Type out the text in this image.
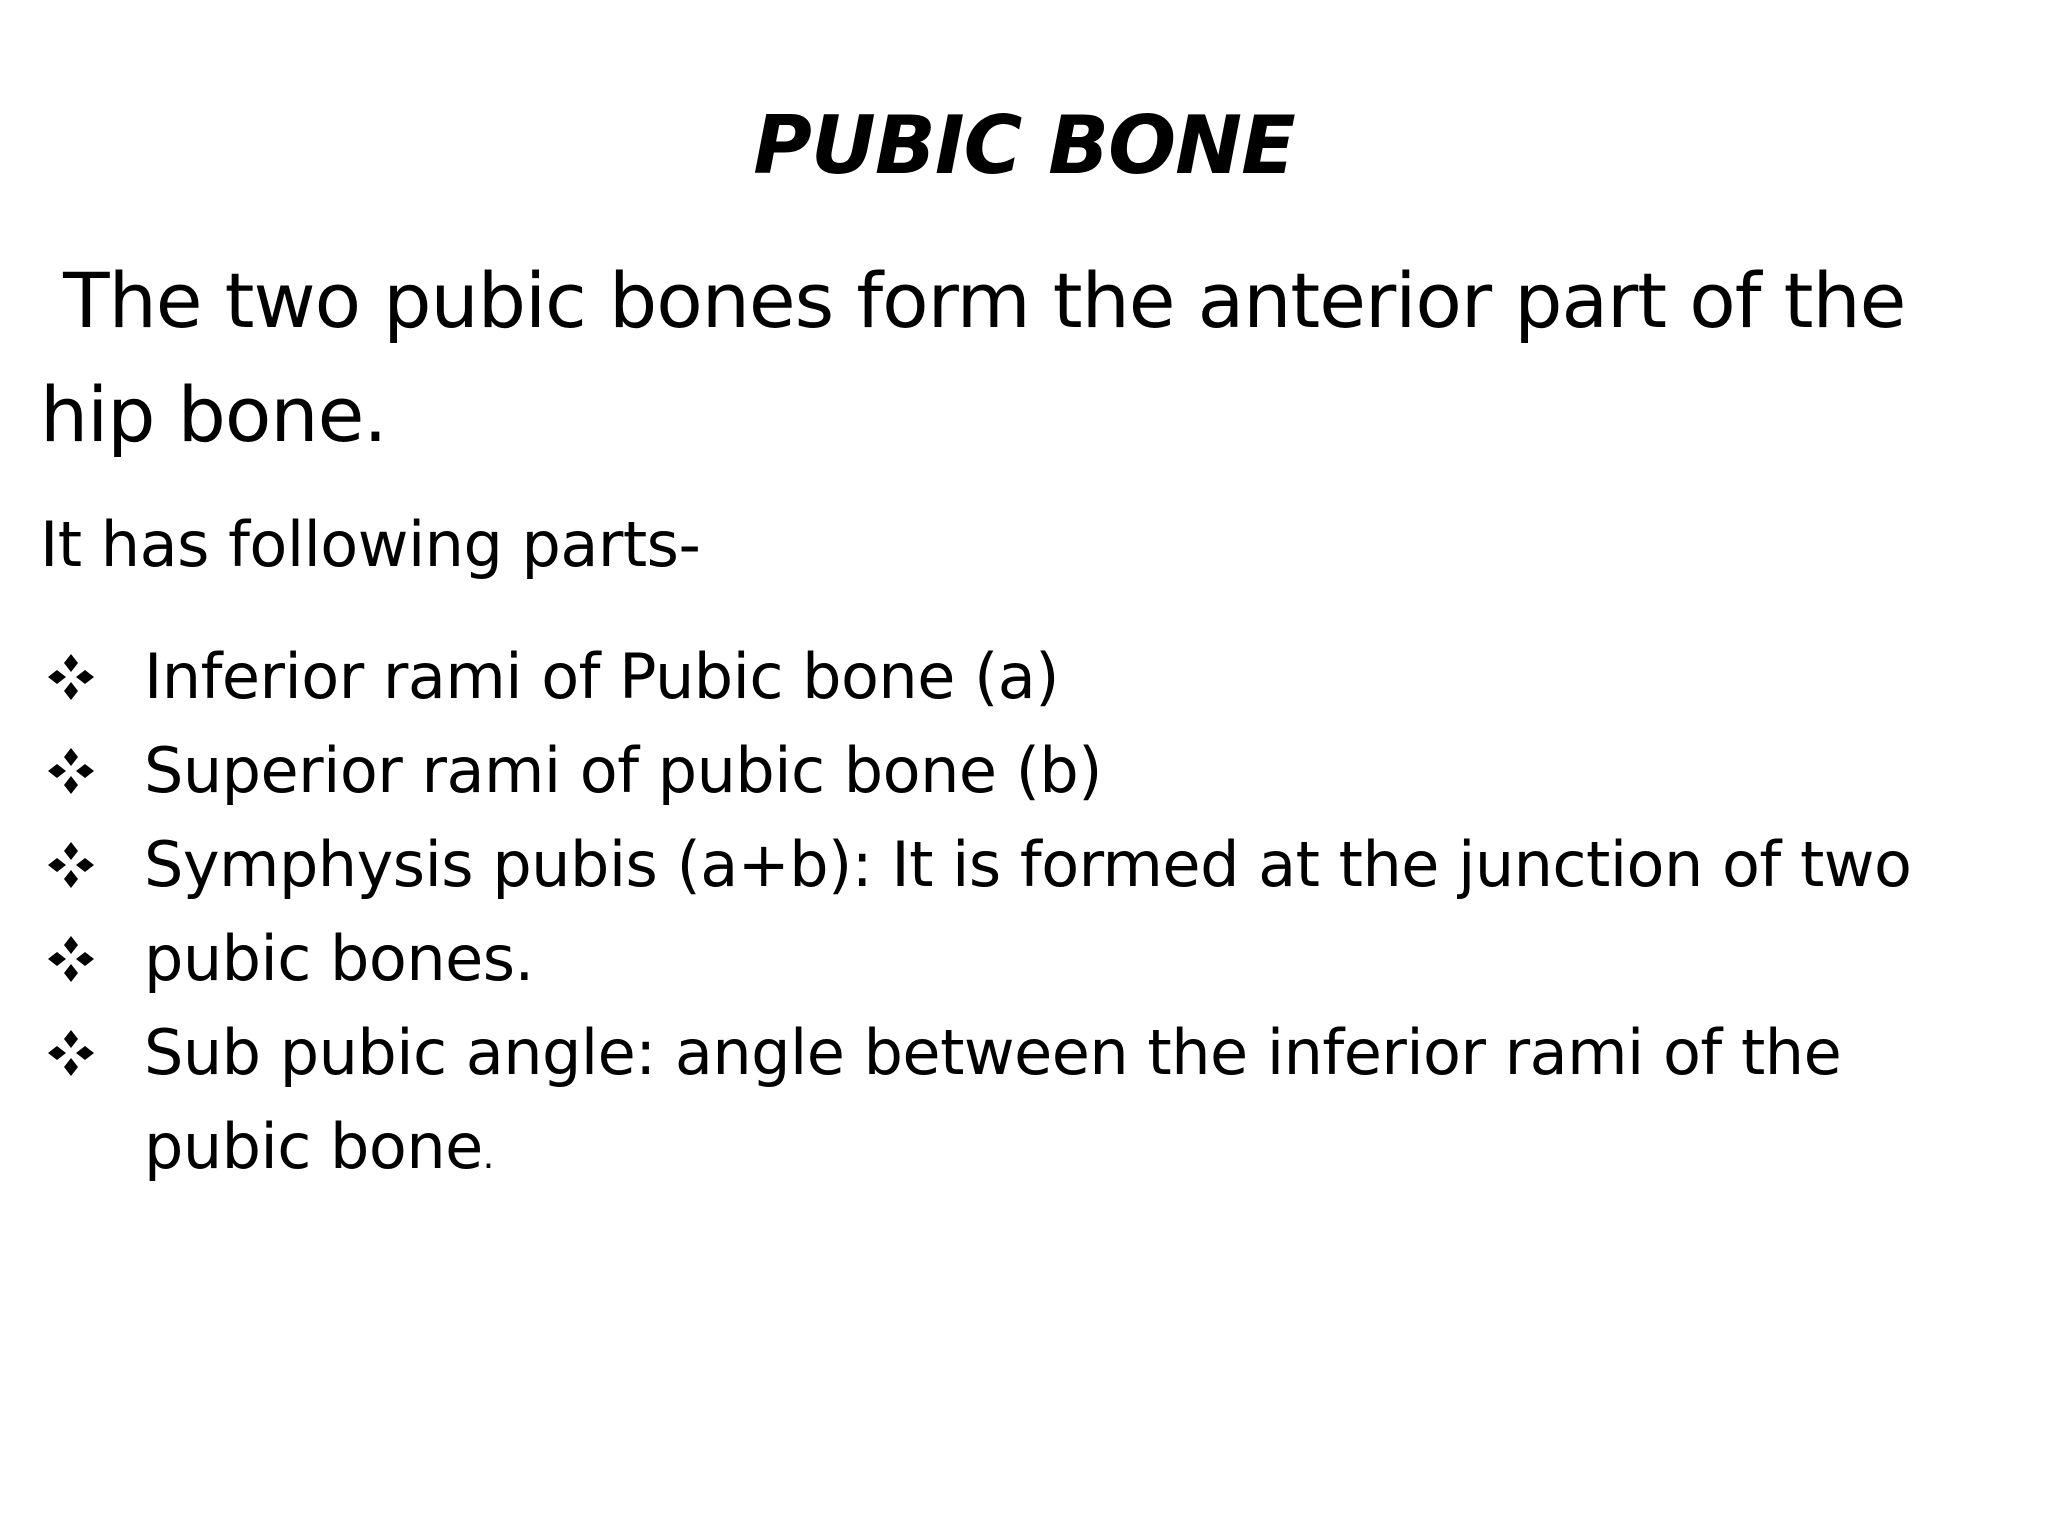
PUBIC BONE

The two pubic bones form the anterior part of the hip bone.

It has following parts-

Inferior rami of Pubic bone (a)
Superior rami of pubic bone (b)
Symphysis pubis (a+b): It is formed at the junction of two
pubic bones.
Sub pubic angle: angle between the inferior rami of the pubic bone.
